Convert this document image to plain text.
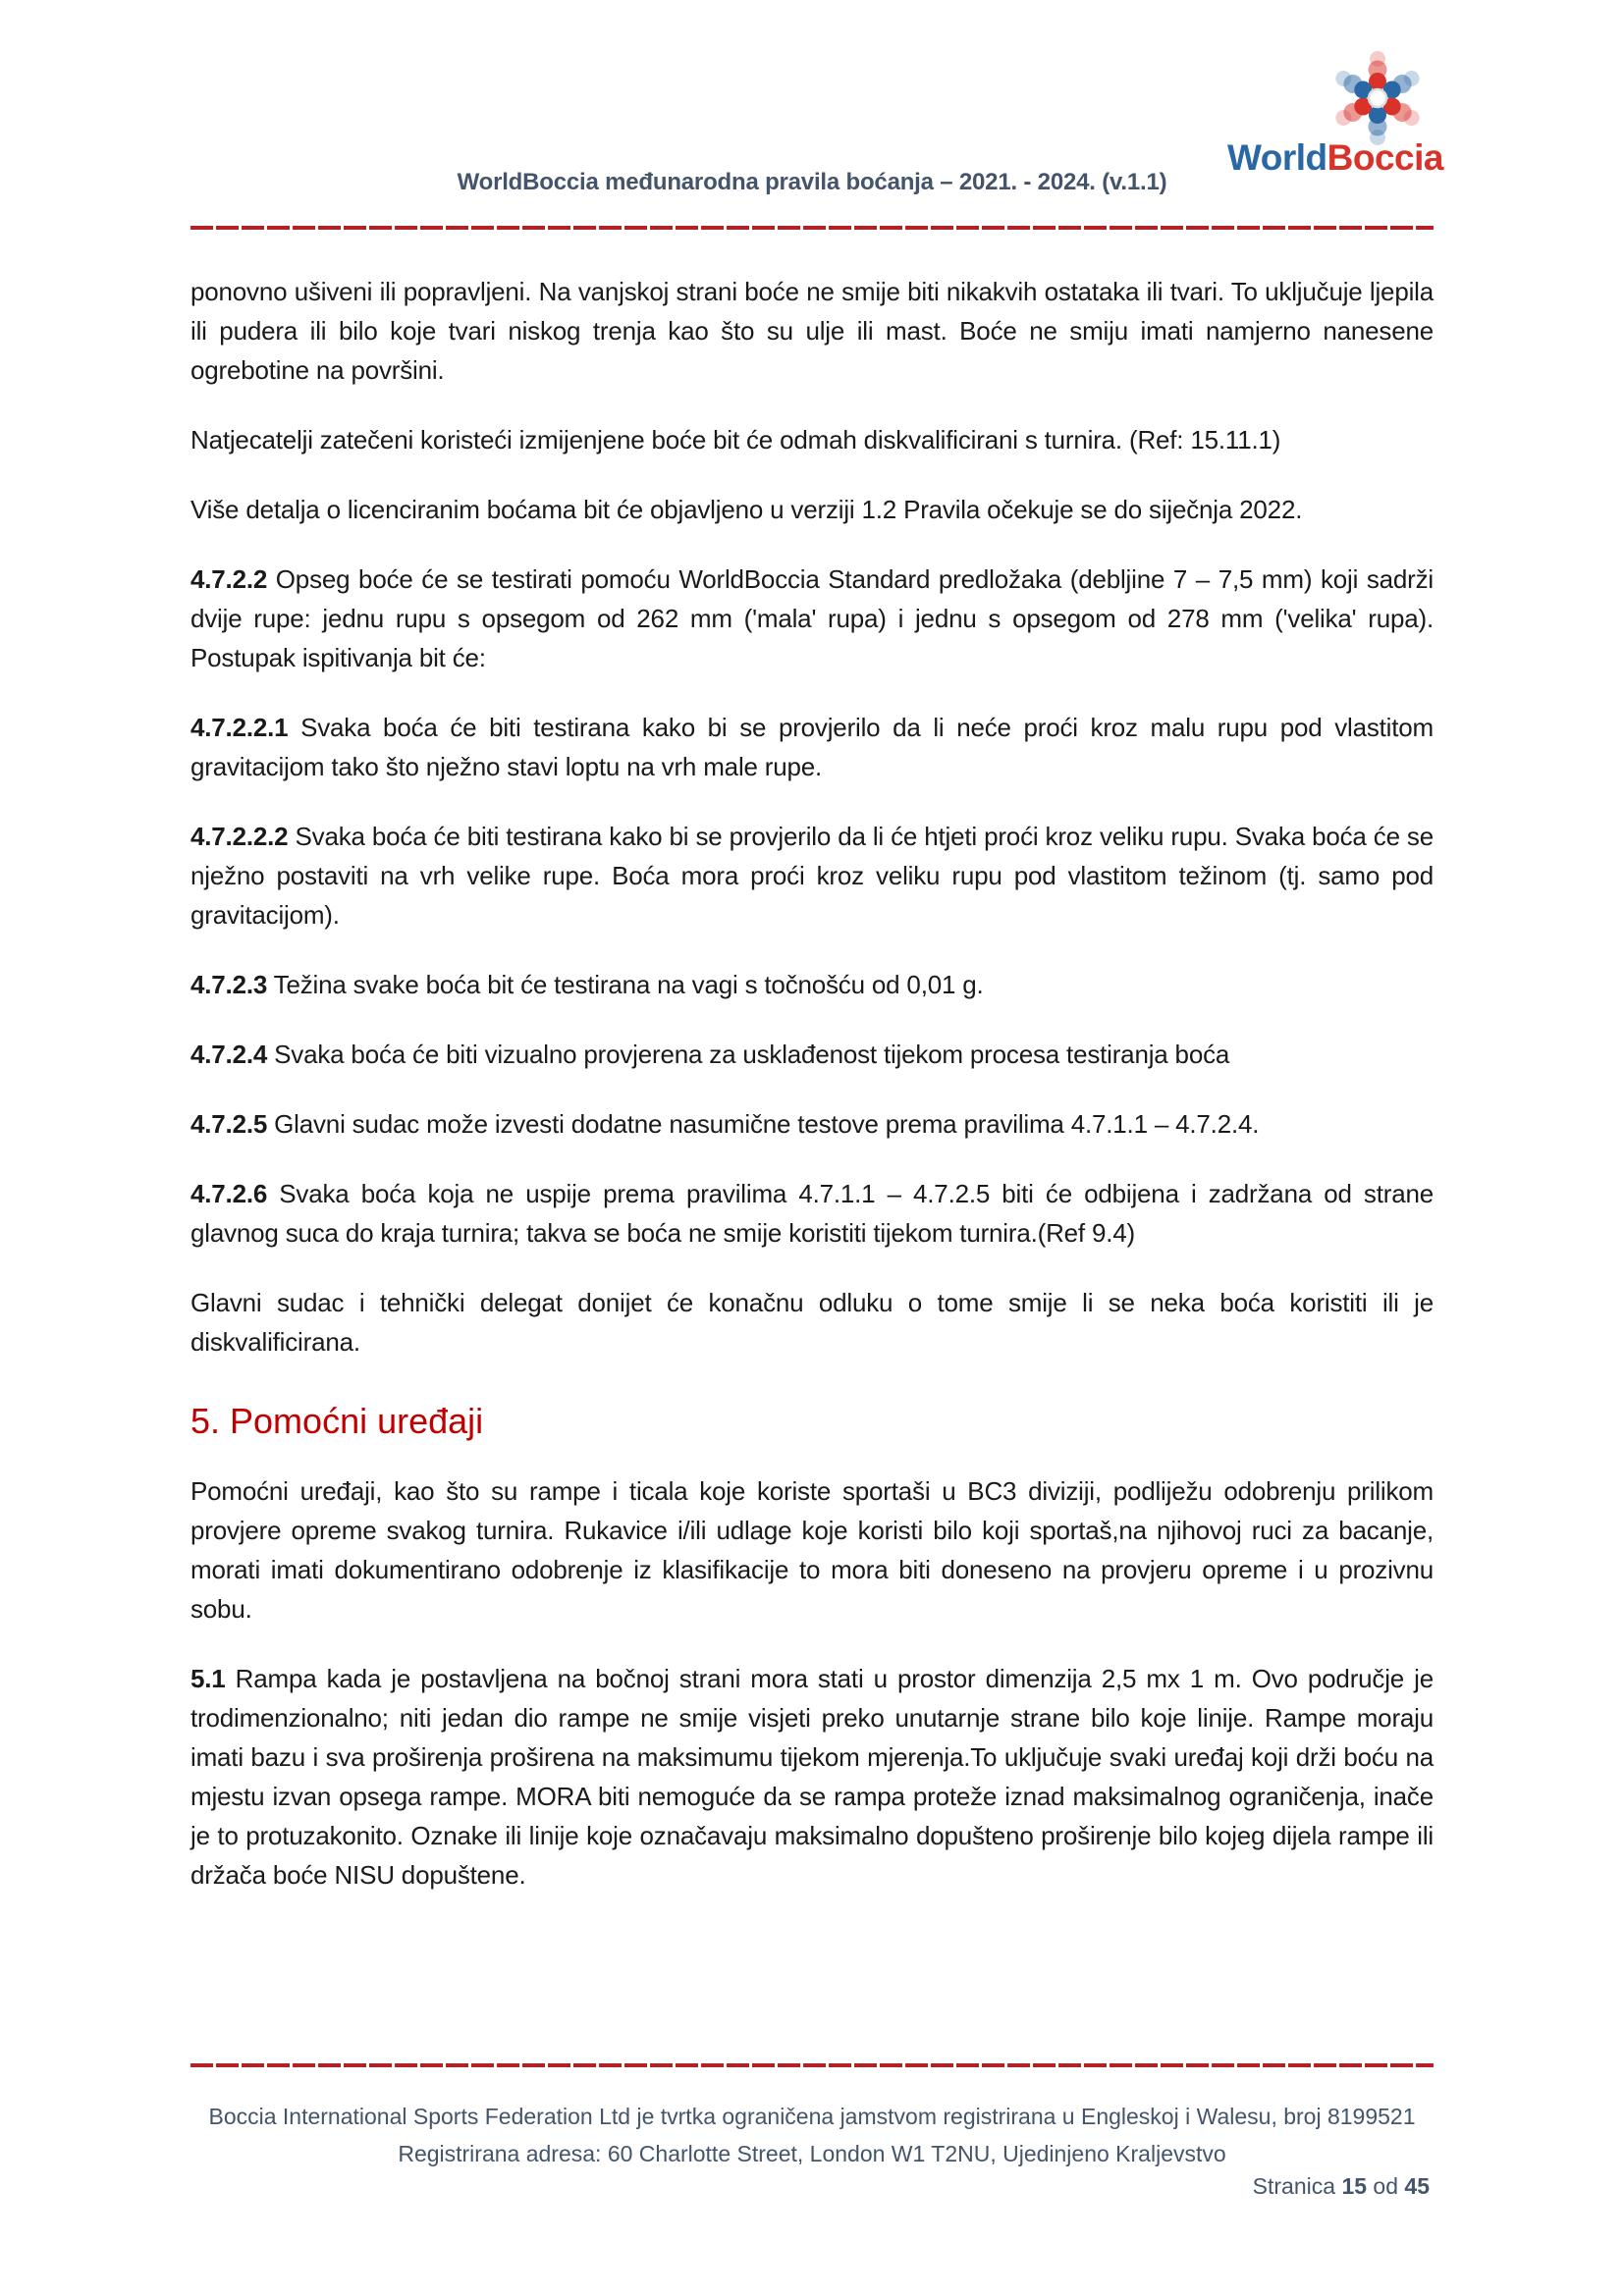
WorldBoccia
WorldBoccia međunarodna pravila boćanja – 2021. - 2024. (v.1.1)

ponovno ušiveni ili popravljeni. Na vanjskoj strani boće ne smije biti nikakvih ostataka ili tvari. To uključuje ljepila ili pudera ili bilo koje tvari niskog trenja kao što su ulje ili mast. Boće ne smiju imati namjerno nanesene ogrebotine na površini.

Natjecatelji zatečeni koristeći izmijenjene boće bit će odmah diskvalificirani s turnira. (Ref: 15.11.1)

Više detalja o licenciranim boćama bit će objavljeno u verziji 1.2 Pravila očekuje se do siječnja 2022.

4.7.2.2 Opseg boće će se testirati pomoću WorldBoccia Standard predložaka (debljine 7 – 7,5 mm) koji sadrži dvije rupe: jednu rupu s opsegom od 262 mm ('mala' rupa) i jednu s opsegom od 278 mm ('velika' rupa). Postupak ispitivanja bit će:

4.7.2.2.1 Svaka boća će biti testirana kako bi se provjerilo da li neće proći kroz malu rupu pod vlastitom gravitacijom tako što nježno stavi loptu na vrh male rupe.

4.7.2.2.2 Svaka boća će biti testirana kako bi se provjerilo da li će htjeti proći kroz veliku rupu. Svaka boća će se nježno postaviti na vrh velike rupe. Boća mora proći kroz veliku rupu pod vlastitom težinom (tj. samo pod gravitacijom).

4.7.2.3 Težina svake boća bit će testirana na vagi s točnošću od 0,01 g.

4.7.2.4 Svaka boća će biti vizualno provjerena za usklađenost tijekom procesa testiranja boća

4.7.2.5 Glavni sudac može izvesti dodatne nasumične testove prema pravilima 4.7.1.1 – 4.7.2.4.

4.7.2.6 Svaka boća koja ne uspije prema pravilima 4.7.1.1 – 4.7.2.5 biti će odbijena i zadržana od strane glavnog suca do kraja turnira; takva se boća ne smije koristiti tijekom turnira.(Ref 9.4)

Glavni sudac i tehnički delegat donijet će konačnu odluku o tome smije li se neka boća koristiti ili je diskvalificirana.

5. Pomoćni uređaji

Pomoćni uređaji, kao što su rampe i ticala koje koriste sportaši u BC3 diviziji, podliježu odobrenju prilikom provjere opreme svakog turnira. Rukavice i/ili udlage koje koristi bilo koji sportaš,na njihovoj ruci za bacanje, morati imati dokumentirano odobrenje iz klasifikacije to mora biti doneseno na provjeru opreme i u prozivnu sobu.

5.1 Rampa kada je postavljena na bočnoj strani mora stati u prostor dimenzija 2,5 mx 1 m. Ovo područje je trodimenzionalno; niti jedan dio rampe ne smije visjeti preko unutarnje strane bilo koje linije. Rampe moraju imati bazu i sva proširenja proširena na maksimumu tijekom mjerenja.To uključuje svaki uređaj koji drži boću na mjestu izvan opsega rampe. MORA biti nemoguće da se rampa proteže iznad maksimalnog ograničenja, inače je to protuzakonito. Oznake ili linije koje označavaju maksimalno dopušteno proširenje bilo kojeg dijela rampe ili držača boće NISU dopuštene.

Boccia International Sports Federation Ltd je tvrtka ograničena jamstvom registrirana u Engleskoj i Walesu, broj 8199521
Registrirana adresa: 60 Charlotte Street, London W1 T2NU, Ujedinjeno Kraljevstvo
Stranica 15 od 45
